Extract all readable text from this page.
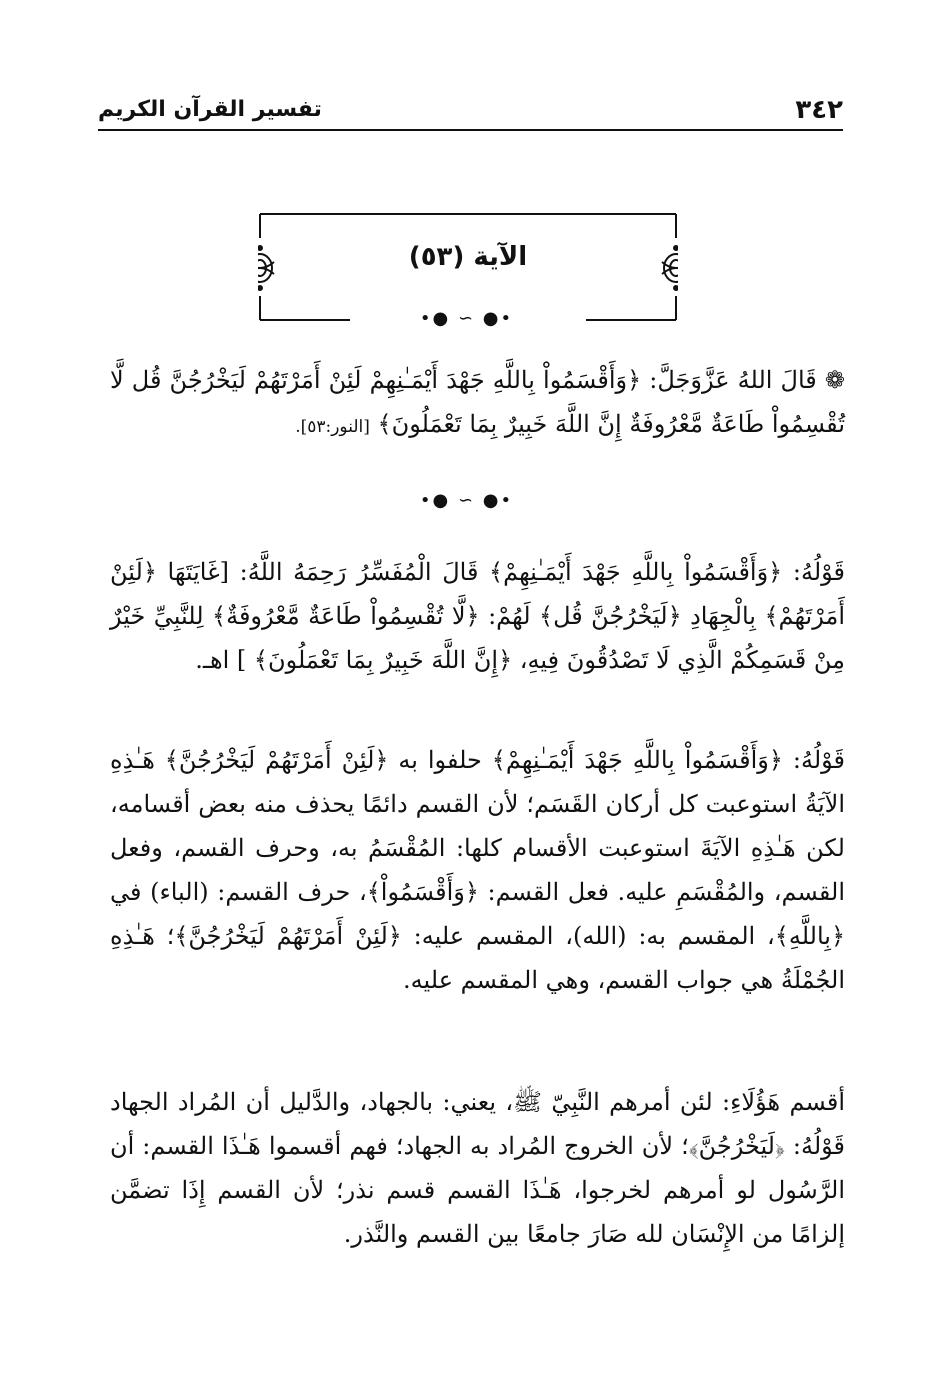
٣٤٢
تفسير القرآن الكريم
الآية (٥٣)
•● ∽ ●•
❁ قَالَ اللهُ عَزَّوَجَلَّ: ﴿وَأَقْسَمُواْ بِاللَّهِ جَهْدَ أَيْمَـٰنِهِمْ لَئِنْ أَمَرْتَهُمْ لَيَخْرُجُنَّ قُل لَّا تُقْسِمُواْ طَاعَةٌ مَّعْرُوفَةٌ إِنَّ اللَّهَ خَبِيرٌ بِمَا تَعْمَلُونَ﴾ [النور:٥٣].
•● ∽ ●•
قَوْلُهُ: ﴿وَأَقْسَمُواْ بِاللَّهِ جَهْدَ أَيْمَـٰنِهِمْ﴾ قَالَ الْمُفَسِّرُ رَحِمَهُ اللَّهُ: [غَايَتَهَا ﴿لَئِنْ أَمَرْتَهُمْ﴾ بِالْجِهَادِ ﴿لَيَخْرُجُنَّ قُل﴾ لَهُمْ: ﴿لَّا تُقْسِمُواْ طَاعَةٌ مَّعْرُوفَةٌ﴾ لِلنَّبِيِّ خَيْرٌ مِنْ قَسَمِكُمْ الَّذِي لَا تَصْدُقُونَ فِيهِ، ﴿إِنَّ اللَّهَ خَبِيرٌ بِمَا تَعْمَلُونَ﴾ ] اهـ.
قَوْلُهُ: ﴿وَأَقْسَمُواْ بِاللَّهِ جَهْدَ أَيْمَـٰنِهِمْ﴾ حلفوا به ﴿لَئِنْ أَمَرْتَهُمْ لَيَخْرُجُنَّ﴾ هَـٰذِهِ الآيَةُ استوعبت كل أركان القَسَم؛ لأن القسم دائمًا يحذف منه بعض أقسامه، لكن هَـٰذِهِ الآيَةَ استوعبت الأقسام كلها: المُقْسَمُ به، وحرف القسم، وفعل القسم، والمُقْسَمِ عليه. فعل القسم: ﴿وَأَقْسَمُواْ﴾، حرف القسم: (الباء) في ﴿بِاللَّهِ﴾، المقسم به: (الله)، المقسم عليه: ﴿لَئِنْ أَمَرْتَهُمْ لَيَخْرُجُنَّ﴾؛ هَـٰذِهِ الجُمْلَةُ هي جواب القسم، وهي المقسم عليه.
أقسم هَؤُلَاءِ: لئن أمرهم النَّبِيّ ﷺ، يعني: بالجهاد، والدَّليل أن المُراد الجهاد قَوْلُهُ: ﴿لَيَخْرُجُنَّ﴾؛ لأن الخروج المُراد به الجهاد؛ فهم أقسموا هَـٰذَا القسم: أن الرَّسُول لو أمرهم لخرجوا، هَـٰذَا القسم قسم نذر؛ لأن القسم إِذَا تضمَّن إلزامًا من الإِنْسَان لله صَارَ جامعًا بين القسم والنَّذر.
